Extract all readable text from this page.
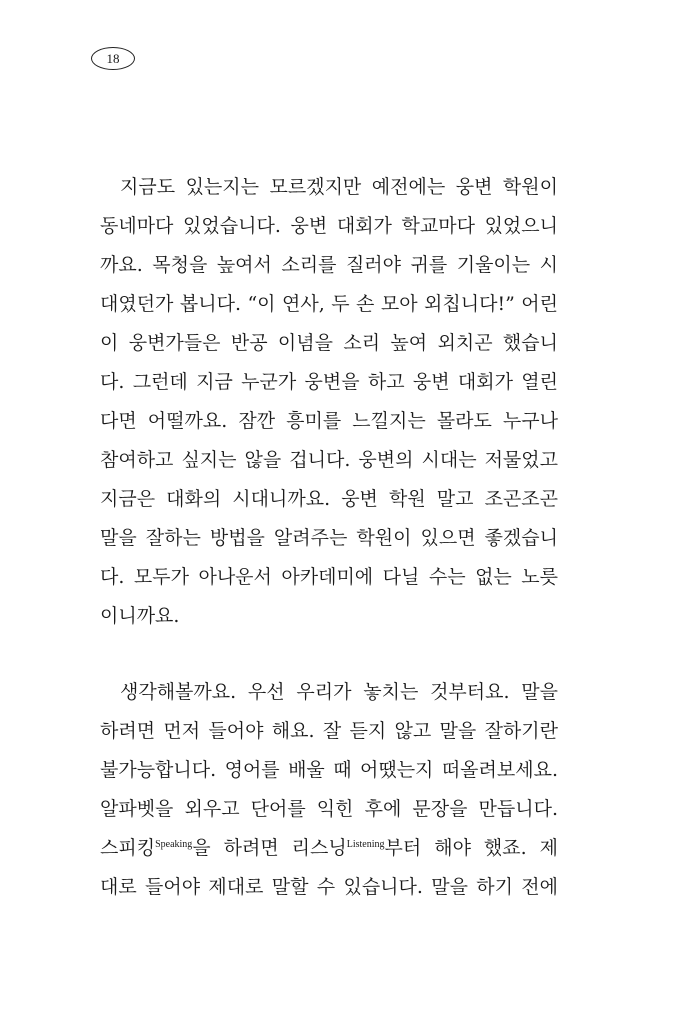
18
지금도 있는지는 모르겠지만 예전에는 웅변 학원이
동네마다 있었습니다. 웅변 대회가 학교마다 있었으니
까요. 목청을 높여서 소리를 질러야 귀를 기울이는 시
대였던가 봅니다. “이 연사, 두 손 모아 외칩니다!” 어린
이 웅변가들은 반공 이념을 소리 높여 외치곤 했습니
다. 그런데 지금 누군가 웅변을 하고 웅변 대회가 열린
다면 어떨까요. 잠깐 흥미를 느낄지는 몰라도 누구나
참여하고 싶지는 않을 겁니다. 웅변의 시대는 저물었고
지금은 대화의 시대니까요. 웅변 학원 말고 조곤조곤
말을 잘하는 방법을 알려주는 학원이 있으면 좋겠습니
다. 모두가 아나운서 아카데미에 다닐 수는 없는 노릇
이니까요.
생각해볼까요. 우선 우리가 놓치는 것부터요. 말을
하려면 먼저 들어야 해요. 잘 듣지 않고 말을 잘하기란
불가능합니다. 영어를 배울 때 어땠는지 떠올려보세요.
알파벳을 외우고 단어를 익힌 후에 문장을 만듭니다.
스피킹$^{Speaking}$을 하려면 리스닝$^{Listening}$부터 해야 했죠. 제
대로 들어야 제대로 말할 수 있습니다. 말을 하기 전에
